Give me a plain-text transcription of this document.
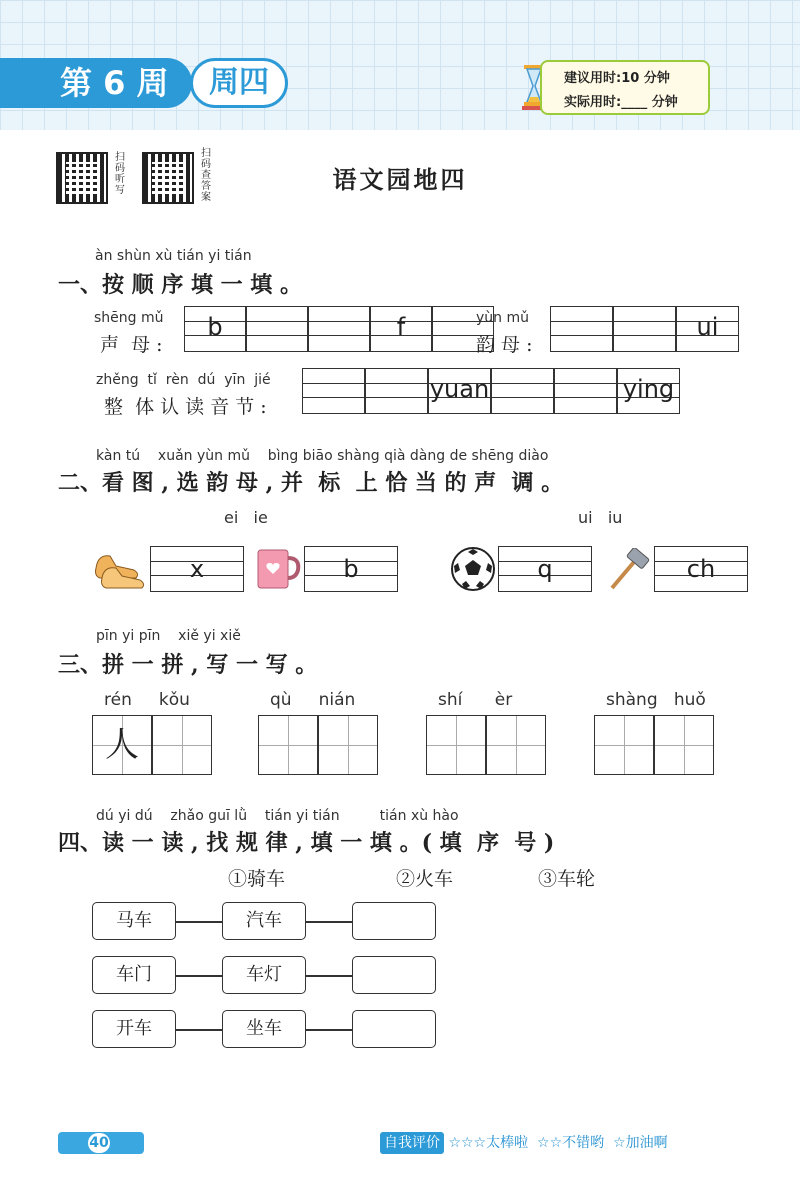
第 6 周	周四	建议用时:10 分钟
实际用时:____ 分钟
扫码听写
扫码查答案
语文园地四
àn shùn xù tián yi tián
一、按 顺 序 填 一 填 。
shēng mǔ
声  母 :
b	f	yùn mǔ
韵 母 :
ui
zhěng  tǐ  rèn  dú  yīn  jié
整  体 认 读 音 节 :
yuan	ying
kàn tú    xuǎn yùn mǔ    bìng biāo shàng qià dàng de shēng diào
二、看 图 , 选 韵 母 , 并  标  上 恰 当 的 声  调 。
ei   ie	ui   iu
x	b	q	ch
pīn yi pīn    xiě yi xiě
三、拼 一 拼 , 写 一 写 。
rén     kǒu
人
qù     nián	shí      èr	shàng   huǒ
dú yi dú    zhǎo guī lǜ    tián yi tián         tián xù hào
四、读 一 读 , 找 规 律 , 填 一 填 。( 填  序  号 )
①骑车	②火车	③车轮
马车	汽车
车门	车灯
开车	坐车
40	自我评价 ☆☆☆太棒啦 ☆☆不错哟 ☆加油啊
